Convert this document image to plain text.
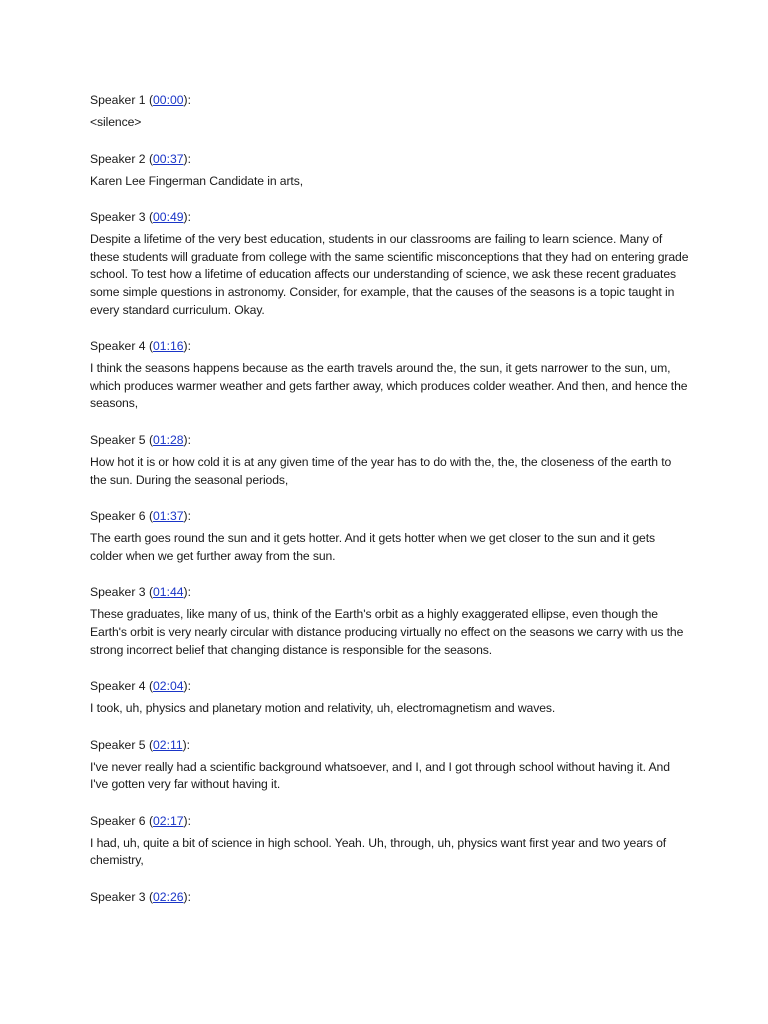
Speaker 1 (00:00):

<silence>

Speaker 2 (00:37):

Karen Lee Fingerman Candidate in arts,

Speaker 3 (00:49):

Despite a lifetime of the very best education, students in our classrooms are failing to learn science. Many of these students will graduate from college with the same scientific misconceptions that they had on entering grade school. To test how a lifetime of education affects our understanding of science, we ask these recent graduates some simple questions in astronomy. Consider, for example, that the causes of the seasons is a topic taught in every standard curriculum. Okay.

Speaker 4 (01:16):

I think the seasons happens because as the earth travels around the, the sun, it gets narrower to the sun, um, which produces warmer weather and gets farther away, which produces colder weather. And then, and hence the seasons,

Speaker 5 (01:28):

How hot it is or how cold it is at any given time of the year has to do with the, the, the closeness of the earth to the sun. During the seasonal periods,

Speaker 6 (01:37):

The earth goes round the sun and it gets hotter. And it gets hotter when we get closer to the sun and it gets colder when we get further away from the sun.

Speaker 3 (01:44):

These graduates, like many of us, think of the Earth's orbit as a highly exaggerated ellipse, even though the Earth's orbit is very nearly circular with distance producing virtually no effect on the seasons we carry with us the strong incorrect belief that changing distance is responsible for the seasons.

Speaker 4 (02:04):

I took, uh, physics and planetary motion and relativity, uh, electromagnetism and waves.

Speaker 5 (02:11):

I've never really had a scientific background whatsoever, and I, and I got through school without having it. And I've gotten very far without having it.

Speaker 6 (02:17):

I had, uh, quite a bit of science in high school. Yeah. Uh, through, uh, physics want first year and two years of chemistry,

Speaker 3 (02:26):
